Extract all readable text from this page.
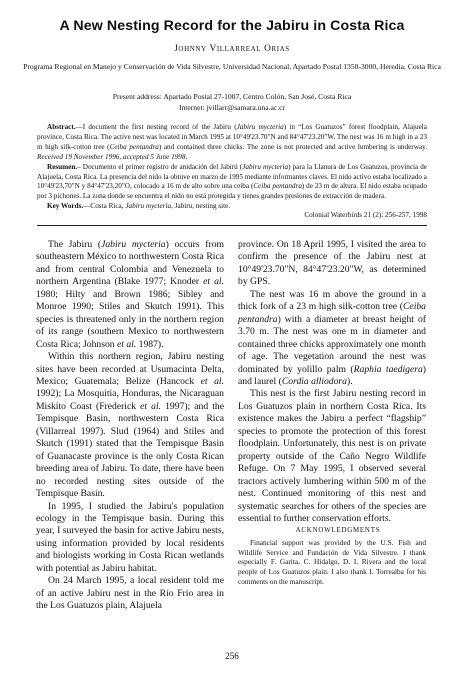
A New Nesting Record for the Jabiru in Costa Rica
Johnny Villarreal Orias
Programa Regional en Manejo y Conservación de Vida Silvestre, Universidad Nacional, Apartado Postal 1350-3000, Heredia, Costa Rica
Present address: Apartado Postal 27-1007, Centro Colón, San José, Costa Rica
Internet: jvillarr@samara.una.ac.cr

Abstract.—I document the first nesting record of the Jabiru (Jabiru mycteria) in “Los Guatuzos” forest floodplain, Alajuela province, Costa Rica. The active nest was located in March 1995 at 10°49'23.70"N and 84°47'23.20"W. The nest was 16 m high in a 23 m high silk-cotton tree (Ceiba pentandra) and contained three chicks. The zone is not protected and active lumbering is underway. Received 19 November 1996, accepted 5 June 1998.

Resumen.– Documento el primer registro de anidación del Jabirú (Jabiru mycteria) para la Llanura de Los Guatuzos, provincia de Alajuela, Costa Rica. La presencia del nido la obtuve en marzo de 1995 mediante informantes claves. El nido activo estaba localizado a 10°49'23,70"N y 84°47'23,20"O, colocado a 16 m de alto sobre una ceiba (Ceiba pentandra) de 23 m de altura. El nido estaba ocupado por 3 pichones. La zona donde se encuentra el nido no está protegida y tienes grandes presiones de extracción de madera.

Key Words.—Costa Rica, Jabiru mycteria, Jabiru, nesting site.

Colonial Waterbirds 21 (2): 256-257, 1998

The Jabiru (Jabiru mycteria) occurs from southeastern México to northwestern Costa Rica and from central Colombia and Venezuela to northern Argentina (Blake 1977; Knoder et al. 1980; Hilty and Brown 1986; Sibley and Monroe 1990; Stiles and Skutch 1991). This species is threatened only in the northern region of its range (southern Mexico to northwestern Costa Rica; Johnson et al. 1987).

Within this northern region, Jabiru nesting sites have been recorded at Usumacinta Delta, Mexico; Guatemala; Belize (Hancock et al. 1992); La Mosquitia, Honduras, the Nicaraguan Miskito Coast (Frederick et al. 1997); and the Tempisque Basin, northwestern Costa Rica (Villarreal 1997). Slud (1964) and Stiles and Skutch (1991) stated that the Tempisque Basin of Guanacaste province is the only Costa Rican breeding area of Jabiru. To date, there have been no recorded nesting sites outside of the Tempisque Basin.

In 1995, I studied the Jabiru's population ecology in the Tempisque basin. During this year, I surveyed the basin for active Jabiru nests, using information provided by local residents and biologists working in Costa Rican wetlands with potential as Jabiru habitat.

On 24 March 1995, a local resident told me of an active Jabiru nest in the Río Frío area in the Los Guatuzos plain, Alajuela

province. On 18 April 1995, I visited the area to confirm the presence of the Jabiru nest at 10°49'23.70"N, 84°47'23.20"W, as determined by GPS.

The nest was 16 m above the ground in a thick fork of a 23 m high silk-cotton tree (Ceiba pentandra) with a diameter at breast height of 3.70 m. The nest was one m in diameter and contained three chicks approximately one month of age. The vegetation around the nest was dominated by yolillo palm (Raphia taedigera) and laurel (Cordia alliodora).

This nest is the first Jabiru nesting record in Los Guatuzos plain in northern Costa Rica. Its existence makes the Jabiru a perfect “flagship” species to promote the protection of this forest floodplain. Unfortunately, this nest is on private property outside of the Caño Negro Wildlife Refuge. On 7 May 1995, I observed several tractors actively lumbering within 500 m of the nest. Continued monitoring of this nest and systematic searches for others of the species are essential to further conservation efforts.

ACKNOWLEDGMENTS

Financial support was provided by the U.S. Fish and Wildlife Service and Fundación de Vida Silvestre. I thank especially F. Garita, C. Hidalgo, D. I. Rivera and the local people of Los Guatuzos plain. I also thank I. Torrealba for his comments on the manuscript.

256
